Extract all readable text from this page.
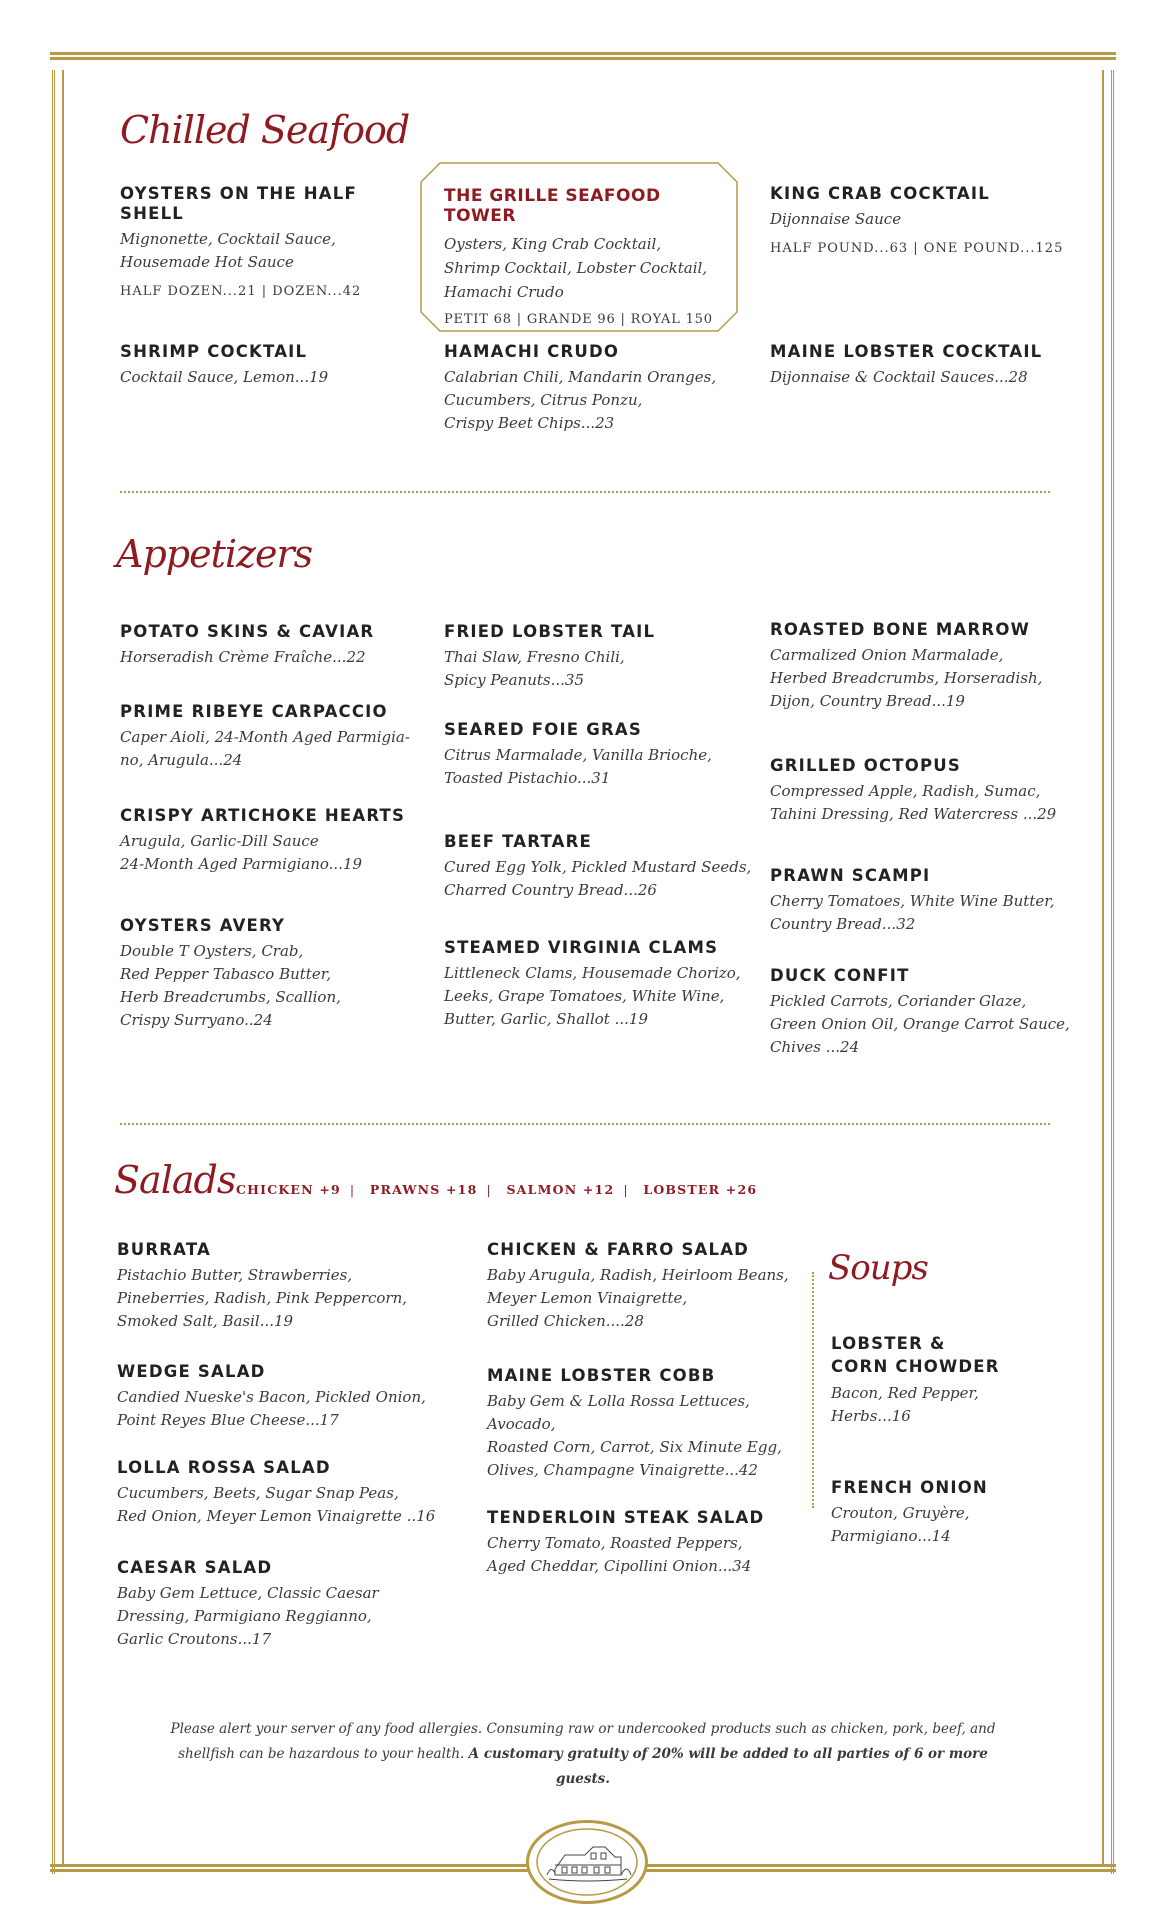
Chilled Seafood

OYSTERS ON THE HALF SHELL

Mignonette, Cocktail Sauce,
Housemade Hot Sauce

HALF DOZEN...21 | DOZEN...42

THE GRILLE SEAFOOD TOWER

Oysters, King Crab Cocktail,
Shrimp Cocktail, Lobster Cocktail,
Hamachi Crudo
PETIT 68 | GRANDE 96 | ROYAL 150

KING CRAB COCKTAIL

Dijonnaise Sauce

HALF POUND...63 | ONE POUND...125

SHRIMP COCKTAIL

Cocktail Sauce, Lemon...19

HAMACHI CRUDO

Calabrian Chili, Mandarin Oranges,
Cucumbers, Citrus Ponzu,
Crispy Beet Chips...23

MAINE LOBSTER COCKTAIL

Dijonnaise & Cocktail Sauces...28

Appetizers

POTATO SKINS & CAVIAR

Horseradish Crème Fraîche...22

PRIME RIBEYE CARPACCIO

Caper Aioli, 24-Month Aged Parmigia-
no, Arugula...24

CRISPY ARTICHOKE HEARTS

Arugula, Garlic-Dill Sauce
24-Month Aged Parmigiano...19

OYSTERS AVERY

Double T Oysters, Crab,
Red Pepper Tabasco Butter,
Herb Breadcrumbs, Scallion,
Crispy Surryano..24

FRIED LOBSTER TAIL

Thai Slaw, Fresno Chili,
Spicy Peanuts...35

SEARED FOIE GRAS

Citrus Marmalade, Vanilla Brioche,
Toasted Pistachio...31

BEEF TARTARE

Cured Egg Yolk, Pickled Mustard Seeds,
Charred Country Bread...26

STEAMED VIRGINIA CLAMS

Littleneck Clams, Housemade Chorizo,
Leeks, Grape Tomatoes, White Wine,
Butter, Garlic, Shallot ...19

ROASTED BONE MARROW

Carmalized Onion Marmalade,
Herbed Breadcrumbs, Horseradish,
Dijon, Country Bread...19

GRILLED OCTOPUS

Compressed Apple, Radish, Sumac,
Tahini Dressing, Red Watercress ...29

PRAWN SCAMPI

Cherry Tomatoes, White Wine Butter,
Country Bread...32

DUCK CONFIT

Pickled Carrots, Coriander Glaze,
Green Onion Oil, Orange Carrot Sauce,
Chives ...24

Salads CHICKEN +9 | PRAWNS +18 | SALMON +12 | LOBSTER +26

BURRATA

Pistachio Butter, Strawberries,
Pineberries, Radish, Pink Peppercorn,
Smoked Salt, Basil...19

WEDGE SALAD

Candied Nueske's Bacon, Pickled Onion,
Point Reyes Blue Cheese...17

LOLLA ROSSA SALAD

Cucumbers, Beets, Sugar Snap Peas,
Red Onion, Meyer Lemon Vinaigrette ..16

CAESAR SALAD

Baby Gem Lettuce, Classic Caesar
Dressing, Parmigiano Reggianno,
Garlic Croutons...17

CHICKEN & FARRO SALAD

Baby Arugula, Radish, Heirloom Beans,
Meyer Lemon Vinaigrette,
Grilled Chicken....28

MAINE LOBSTER COBB

Baby Gem & Lolla Rossa Lettuces, Avocado,
Roasted Corn, Carrot, Six Minute Egg,
Olives, Champagne Vinaigrette...42

TENDERLOIN STEAK SALAD

Cherry Tomato, Roasted Peppers,
Aged Cheddar, Cipollini Onion...34

Soups

LOBSTER &
CORN CHOWDER

Bacon, Red Pepper,
Herbs...16

FRENCH ONION

Crouton, Gruyère,
Parmigiano...14

Please alert your server of any food allergies. Consuming raw or undercooked products such as chicken, pork, beef, and shellfish can be hazardous to your health. A customary gratuity of 20% will be added to all parties of 6 or more guests.
